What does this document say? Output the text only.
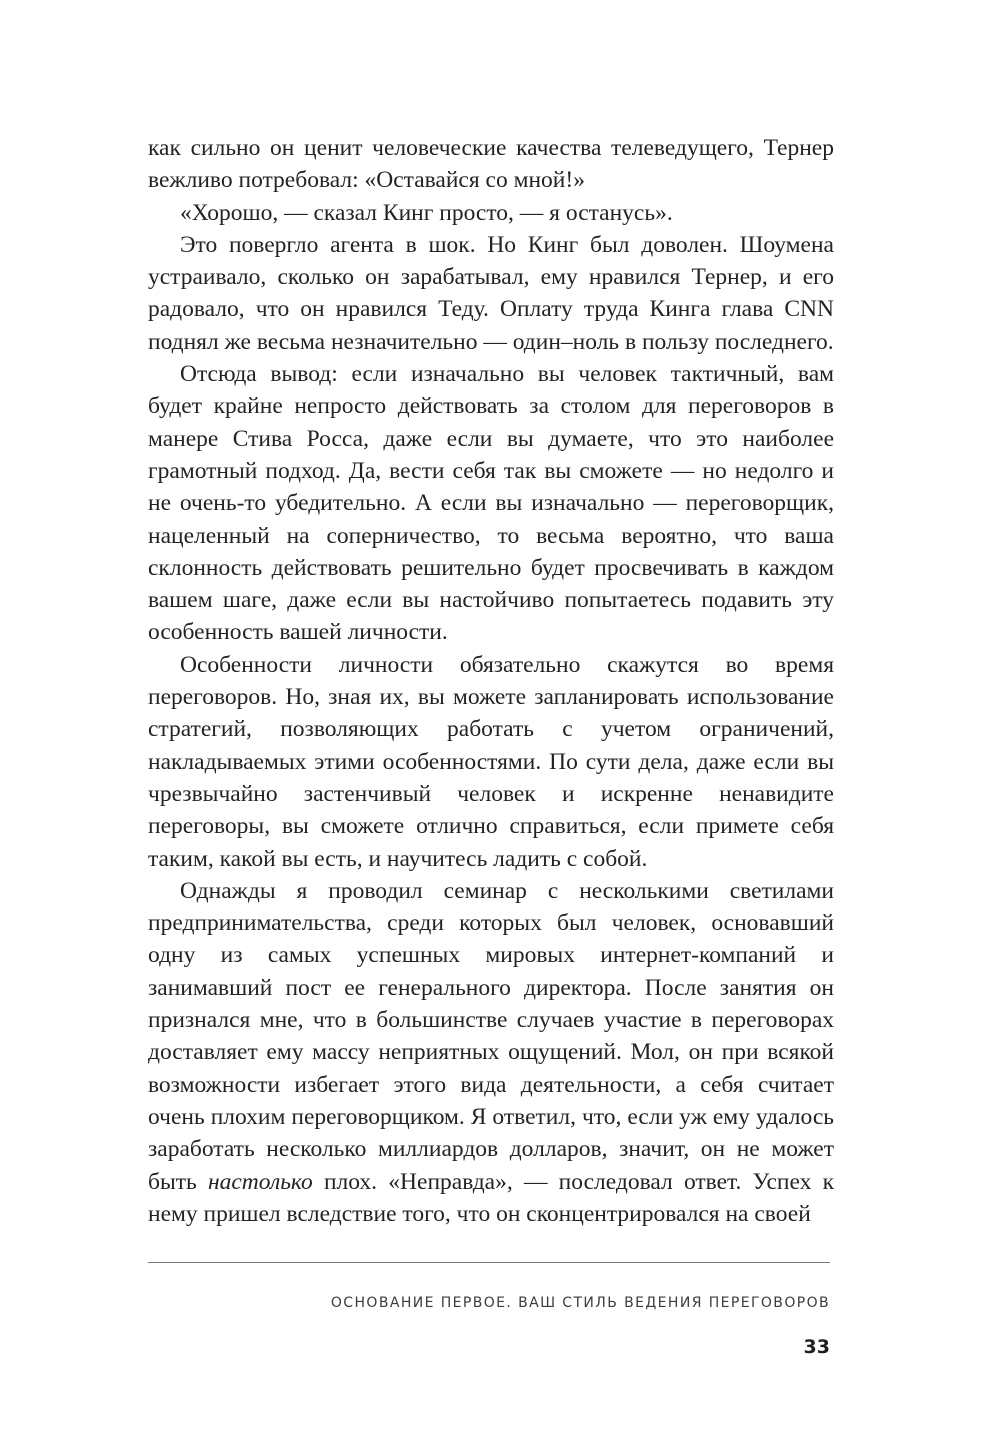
как сильно он ценит человеческие качества телеведущего, Тернер вежливо потребовал: «Оставайся со мной!»

«Хорошо, — сказал Кинг просто, — я останусь».

Это повергло агента в шок. Но Кинг был доволен. Шоумена устраивало, сколько он зарабатывал, ему нравился Тернер, и его радовало, что он нравился Теду. Оплату труда Кинга глава CNN поднял же весьма незначительно — один–ноль в пользу последнего.

Отсюда вывод: если изначально вы человек тактичный, вам будет крайне непросто действовать за столом для переговоров в манере Стива Росса, даже если вы думаете, что это наиболее грамотный подход. Да, вести себя так вы сможете — но недолго и не очень-то убедительно. А если вы изначально — переговорщик, нацеленный на соперничество, то весьма вероятно, что ваша склонность действовать решительно будет просвечивать в каждом вашем шаге, даже если вы настойчиво попытаетесь подавить эту особенность вашей личности.

Особенности личности обязательно скажутся во время переговоров. Но, зная их, вы можете запланировать использование стратегий, позволяющих работать с учетом ограничений, накладываемых этими особенностями. По сути дела, даже если вы чрезвычайно застенчивый человек и искренне ненавидите переговоры, вы сможете отлично справиться, если примете себя таким, какой вы есть, и научитесь ладить с собой.

Однажды я проводил семинар с несколькими светилами предпринимательства, среди которых был человек, основавший одну из самых успешных мировых интернет-компаний и занимавший пост ее генерального директора. После занятия он признался мне, что в большинстве случаев участие в переговорах доставляет ему массу неприятных ощущений. Мол, он при всякой возможности избегает этого вида деятельности, а себя считает очень плохим переговорщиком. Я ответил, что, если уж ему удалось заработать несколько миллиардов долларов, значит, он не может быть настолько плох. «Неправда», — последовал ответ. Успех к нему пришел вследствие того, что он сконцентрировался на своей

ОСНОВАНИЕ ПЕРВОЕ. ВАШ СТИЛЬ ВЕДЕНИЯ ПЕРЕГОВОРОВ
33
